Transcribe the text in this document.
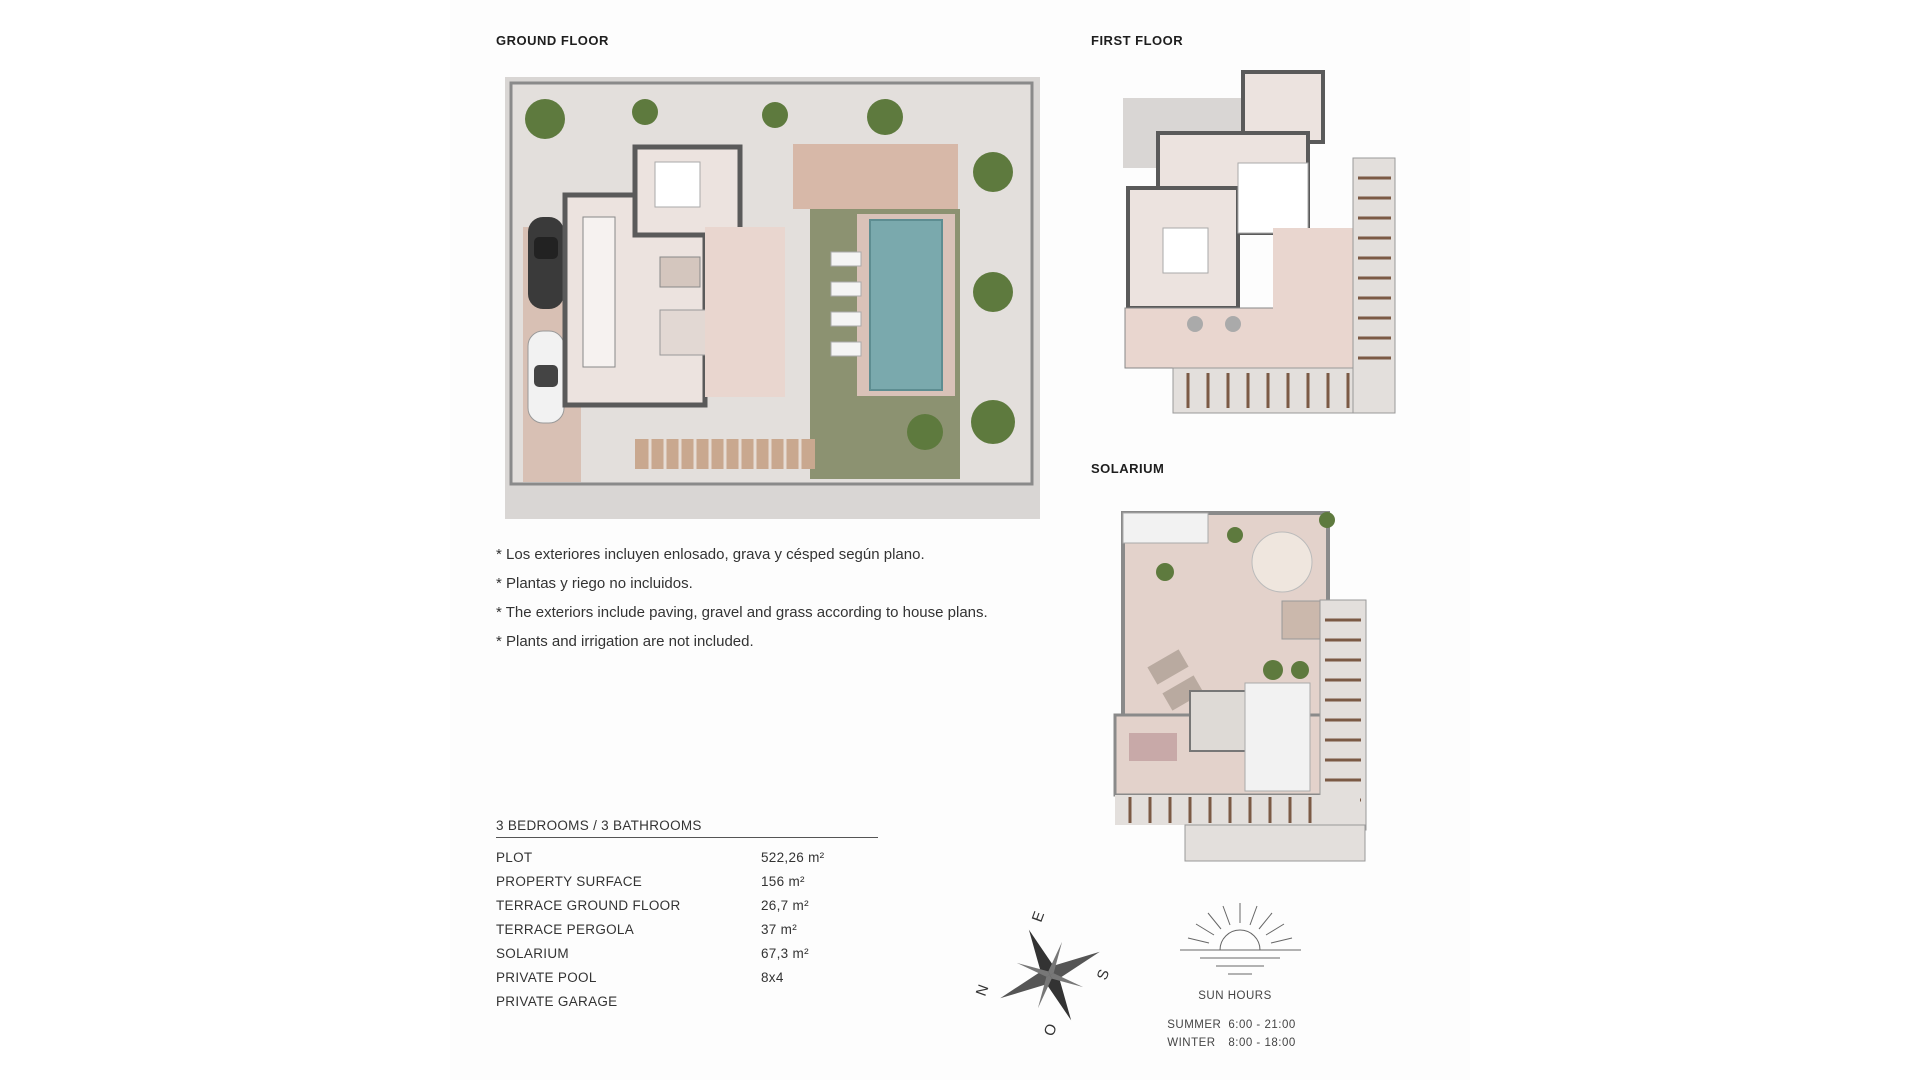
GROUND FLOOR	FIRST FLOOR
SOLARIUM
* Los exteriores incluyen enlosado, grava y césped según plano.
* Plantas y riego no incluidos.
* The exteriors include paving, gravel and grass according to house plans.
* Plants and irrigation are not included.
3 BEDROOMS / 3 BATHROOMS
PLOT	522,26 m²
PROPERTY SURFACE	156 m²
TERRACE GROUND FLOOR	26,7 m²
TERRACE PERGOLA	37 m²
SOLARIUM	67,3 m²
PRIVATE POOL	8x4
PRIVATE GARAGE
E
S
N
O
SUN HOURS
SUMMER	6:00 - 21:00
WINTER	8:00 - 18:00
